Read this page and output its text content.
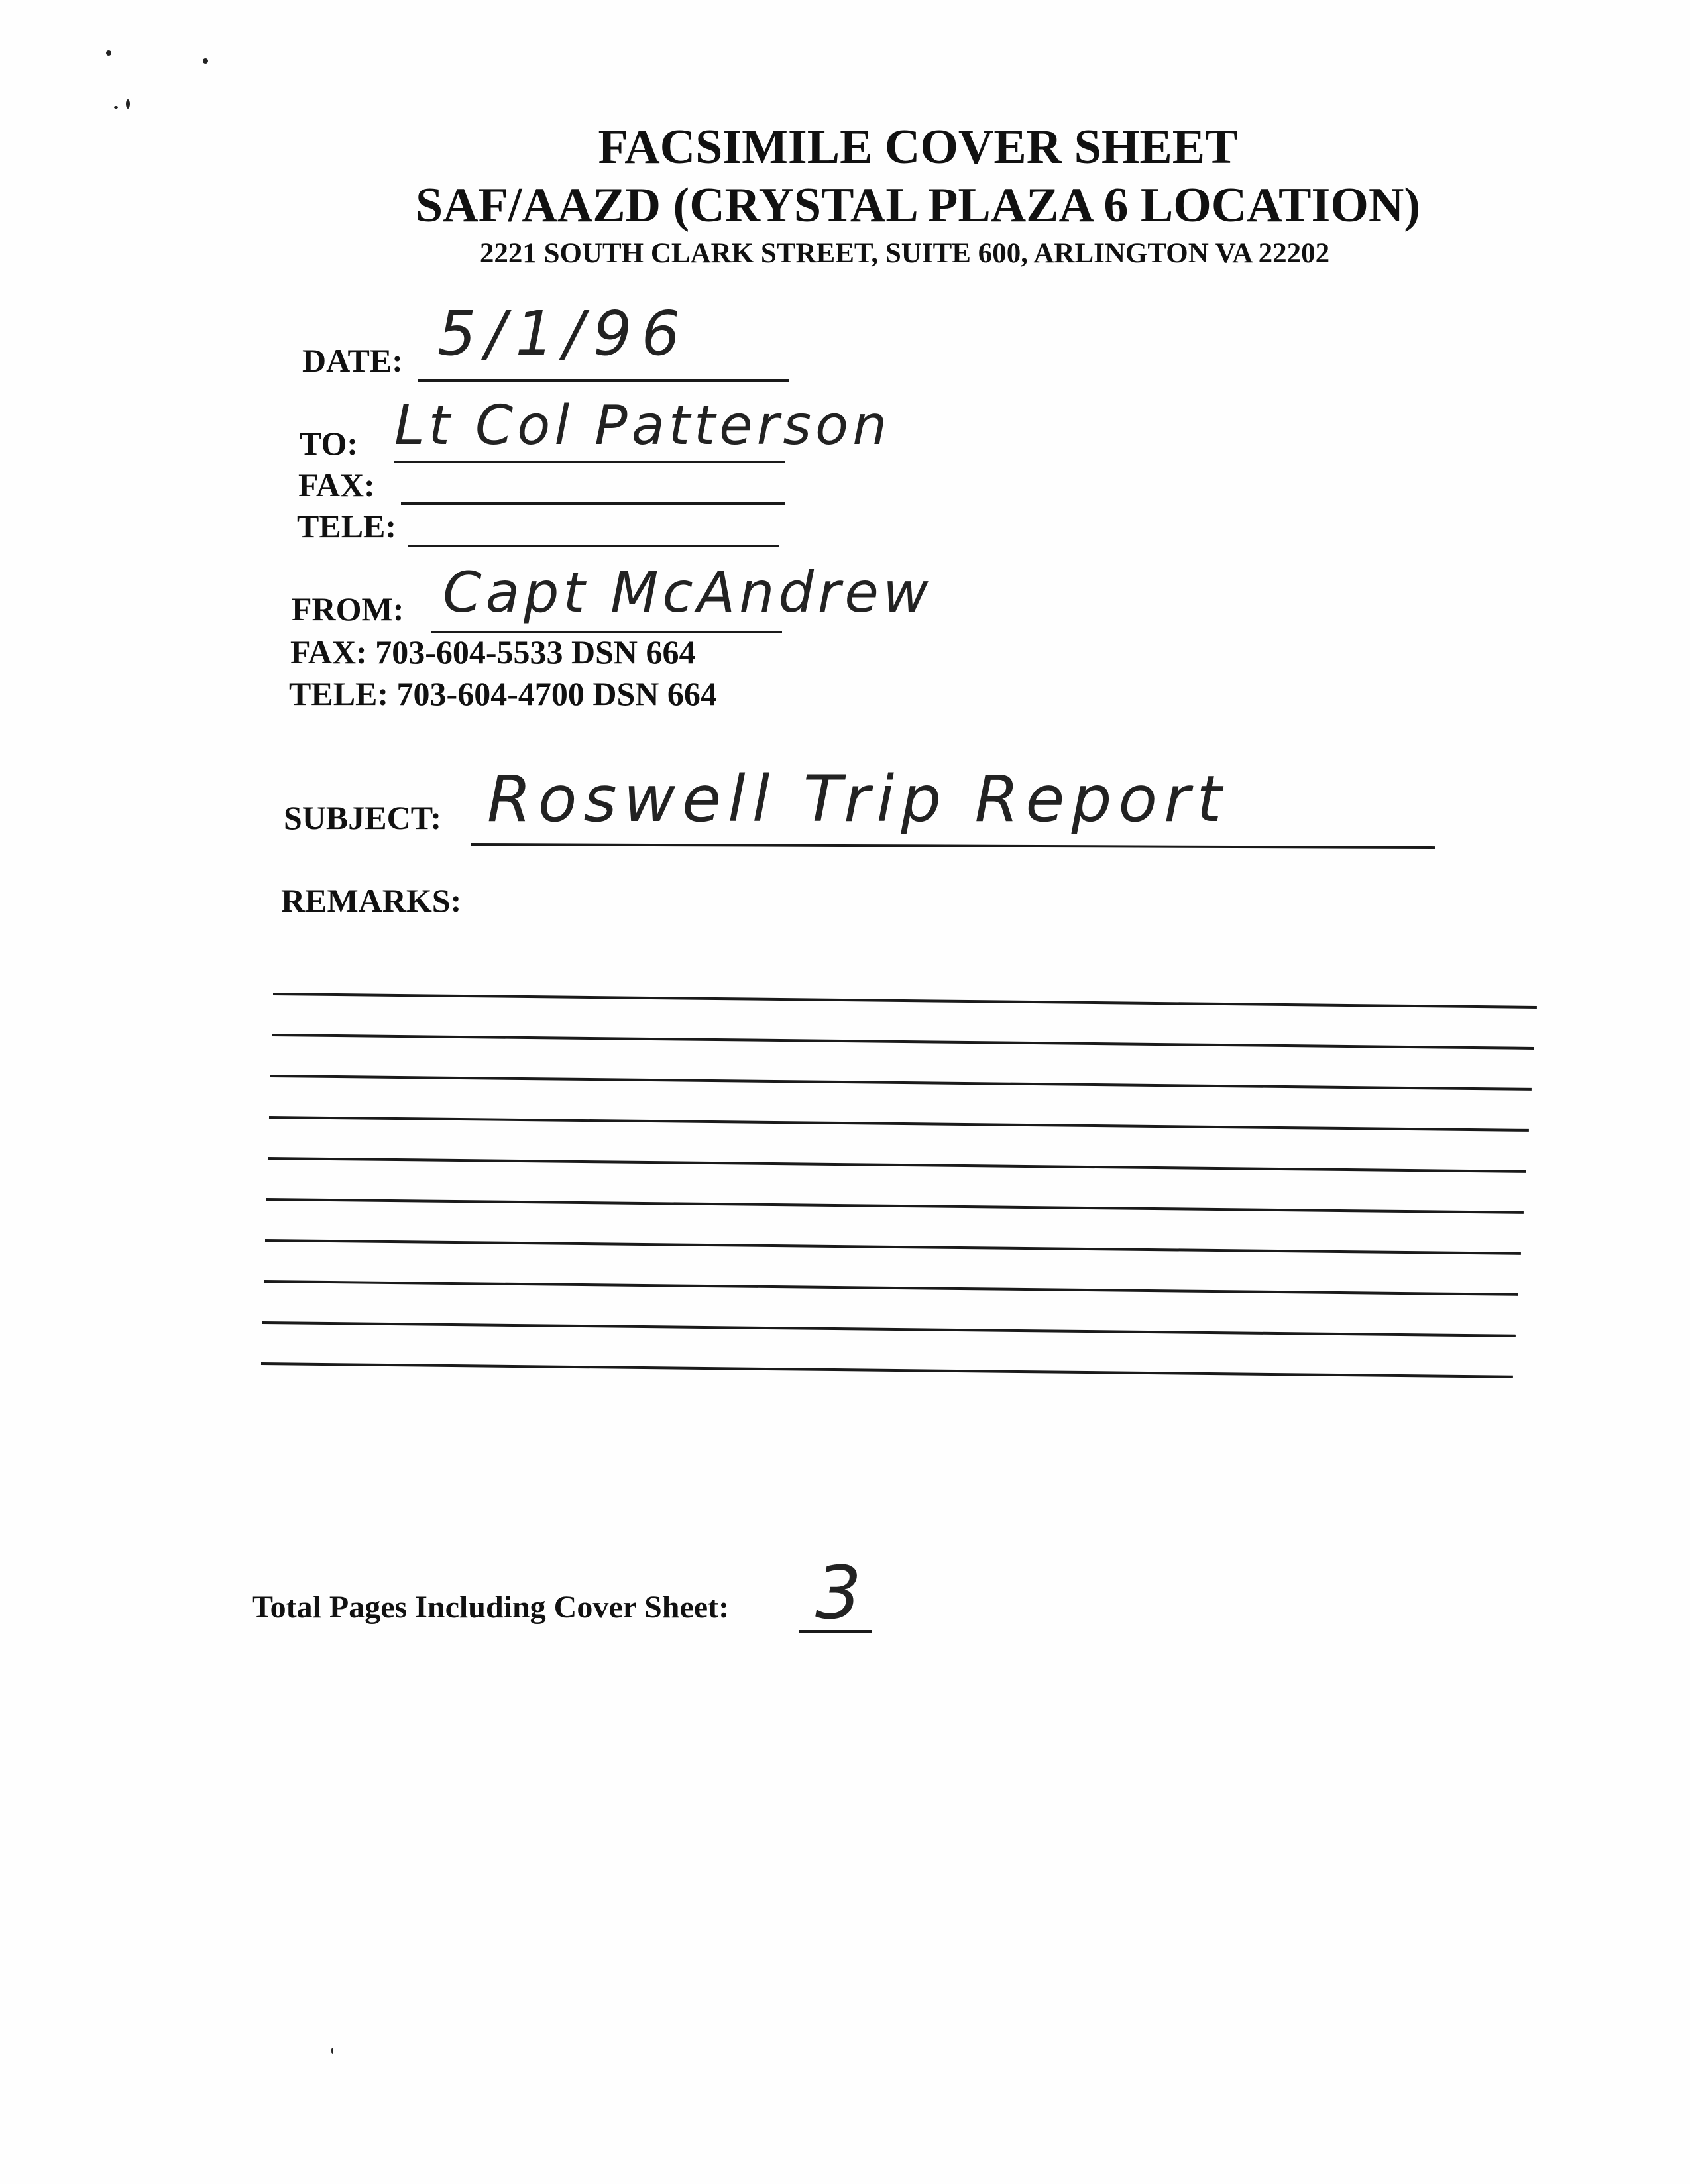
FACSIMILE COVER SHEET
SAF/AAZD (CRYSTAL PLAZA 6 LOCATION)
2221 SOUTH CLARK STREET, SUITE 600, ARLINGTON VA 22202
DATE: 5/1/96
TO: Lt Col Patterson
FAX:
TELE:
FROM: Capt McAndrew
FAX: 703-604-5533 DSN 664
TELE: 703-604-4700 DSN 664
SUBJECT: Roswell Trip Report
REMARKS:
Total Pages Including Cover Sheet: 3
